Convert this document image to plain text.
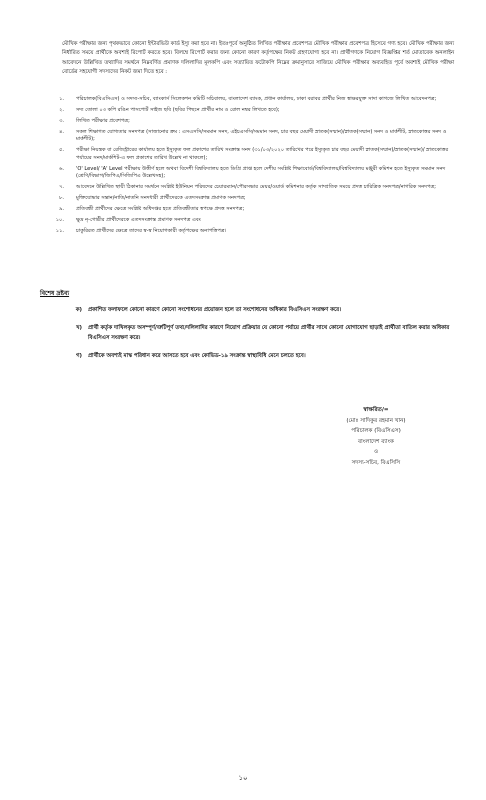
মৌখিক পরীক্ষার জন্য পৃথকভাবে কোনো ইন্টারভিউ কার্ড ইস্যু করা হবে না। ইতঃপূর্বে অনুষ্ঠিত লিখিত পরীক্ষার প্রবেশপত্র মৌখিক পরীক্ষার প্রবেশপত্র হিসেবে গণ্য হবে। মৌখিক পরীক্ষার জন্য নির্ধারিত সময়ে প্রার্থীকে অবশ্যই রিপোর্ট করতে হবে। বিলম্বে রিপোর্ট করার জন্য কোনো কারণ কর্তৃপক্ষের নিকট গ্রহণযোগ্য হবে না। প্রার্থীগণকে নিয়োগ বিজ্ঞপ্তির শর্ত মোতাবেক অনলাইন আবেদনে উল্লিখিত তথ্যাদির সমর্থনে নিম্নবর্ণিত প্রমাণক দলিলাদির মূলকপি এবং সত্যায়িত ফটোকপি নিম্নের ক্রমানুসারে সাজিয়ে মৌখিক পরীক্ষার অব্যবহিত পূর্বে অবশ্যই মৌখিক পরীক্ষা বোর্ডের সহযোগী সদস্যদের নিকট জমা দিতে হবে :
১. পরিচালক(বিএসিএস) ও সদস্য-সচিব, ব্যাংকার্স সিলেকশন কমিটি সচিবালয়, বাংলাদেশ ব্যাংক, প্রধান কার্যালয়, ঢাকা বরাবর প্রার্থীর নিজ স্বাক্ষরযুক্ত সাদা কাগজে লিখিত আবেদনপত্র;
২. সদ্য তোলা ০৩ কপি রঙিন পাসপোর্ট সাইজ ছবি (ছবির পিছনে প্রার্থীর নাম ও রোল নম্বর লিখতে হবে);
৩. লিখিত পরীক্ষার প্রবেশপত্র;
৪. সকল শিক্ষাগত যোগ্যতার সনদপত্র (সাজানোর ক্রম : এসএসসি/সমমান সনদ, এইচএসসি/সমমান সনদ, চার বছর মেয়াদী স্নাতক(সম্মান)/স্নাতক(সম্মান) সনদ ও মার্কশীট, স্নাতকোত্তর সনদ ও মার্কশীট);
৫. পরীক্ষা নিয়ন্ত্রক বা রেজিস্ট্রারের কার্যালয় হতে ইস্যুকৃত ফল প্রকাশের তারিখ সংক্রান্ত সনদ (৩১/০৩/২০২০ তারিখের পরে ইস্যুকৃত চার বছর মেয়াদী স্নাতক(সম্মান)/স্নাতক(সম্মান)/ স্নাতকোত্তর পর্যায়ের সনদ/মার্কশিট-এ ফল প্রকাশের তারিখ উল্লেখ না থাকলে);
৬. 'O' Level/ 'A' Level পরীক্ষায় উত্তীর্ণ হলে অথবা বিদেশী বিশ্ববিদ্যালয় হতে ডিগ্রি প্রাপ্ত হলে দেশীয় সংশ্লিষ্ট শিক্ষাবোর্ড/বিশ্ববিদ্যালয়/বিশ্ববিদ্যালয় মঞ্জুরী কমিশন হতে ইস্যুকৃত সমমান সনদ (শ্রেণি/বিভাগ/জিপিএ/সিজিপিএ উল্লেখসহ);
৭. আবেদনে উল্লিখিত স্থায়ী ঠিকানার সমর্থনে সংশ্লিষ্ট ইউনিয়ন পরিষদের চেয়ারম্যান/পৌরসভার মেয়র/ওয়ার্ড কমিশনার কর্তৃক সাম্প্রতিক সময়ে প্রদত্ত চারিত্রিক সনদপত্র/নাগরিক সনদপত্র;
৮. মুক্তিযোদ্ধার সন্তান/নাতি/নাতনি সনদধারী প্রার্থীদেরকে এতদসংক্রান্ত প্রমাণক সনদপত্র;
৯. প্রতিবন্ধী প্রার্থীদের ক্ষেত্রে সংশ্লিষ্ট অধিদপ্তর হতে প্রতিবন্ধীতার স্বপক্ষে প্রদত্ত সনদপত্র;
১০. ক্ষুদ্র নৃ-গোষ্ঠীর প্রার্থীদেরকে এতদসংক্রান্ত প্রমাণক সনদপত্র এবং
১১. চাকুরিরত প্রার্থীদের ক্ষেত্রে তাদের স্ব-স্ব নিয়োগকারী কর্তৃপক্ষের অনাপত্তিপত্র।
বিশেষ দ্রষ্টব্য
ক) প্রকাশিত ফলাফলে কোনো কারণে কোনো সংশোধনের প্রয়োজন হলে তা সংশোধনের অধিকার বিএসিএস সংরক্ষণ করে।
খ) প্রার্থী কর্তৃক দাখিলকৃত অসম্পূর্ণ/ত্রুটিপূর্ণ তথ্য/দলিলাদির কারণে নিয়োগ প্রক্রিয়ার যে কোনো পর্যায়ে প্রার্থীর সাথে কোনো যোগাযোগ ছাড়াই প্রার্থীতা বাতিল করার অধিকার বিএসিএস সংরক্ষণ করে।
গ) প্রার্থীকে অবশ্যই মাস্ক পরিধান করে আসতে হবে এবং কোভিড-১৯ সংক্রান্ত স্বাস্থ্যবিধি মেনে চলতে হবে।
স্বাক্ষরিত/=
(মোঃ সাদিকুর রহমান খান)
পরিচালক (বিএসিএস)
বাংলাদেশ ব্যাংক
ও
সদস্য-সচিব, বিএসিসি
১০
